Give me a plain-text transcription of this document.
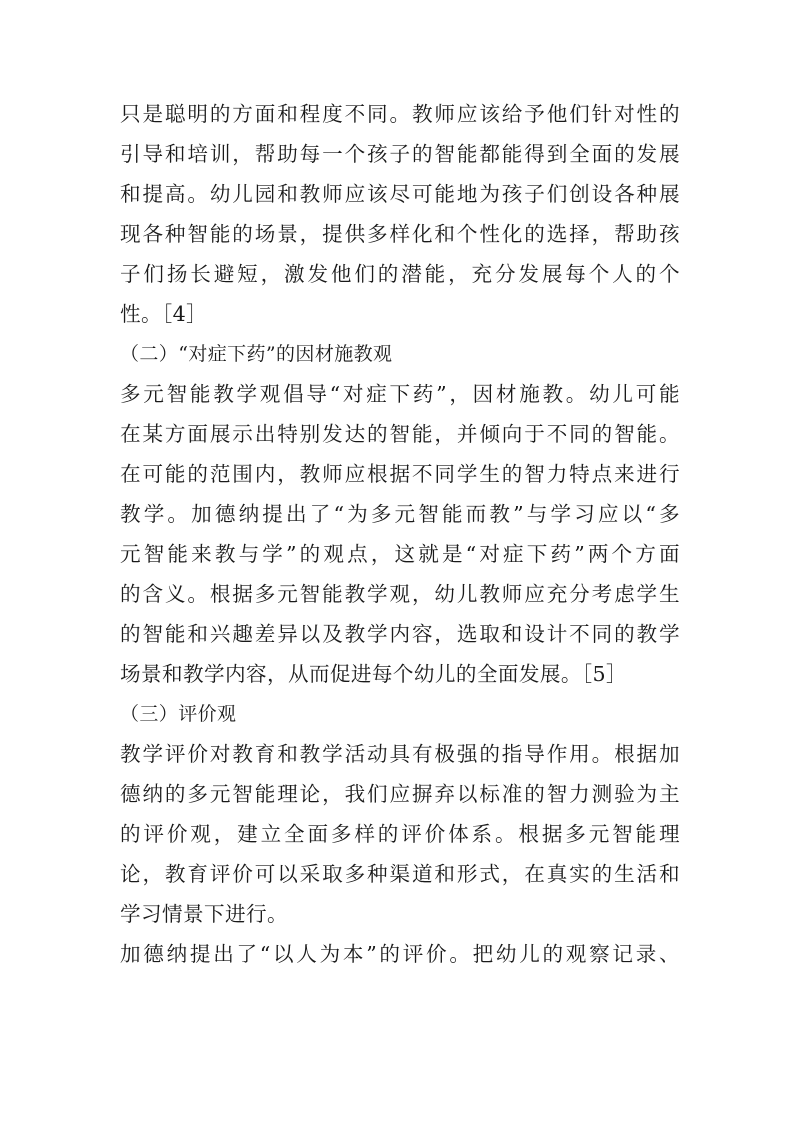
只是聪明的方面和程度不同。教师应该给予他们针对性的
引导和培训，帮助每一个孩子的智能都能得到全面的发展
和提高。幼儿园和教师应该尽可能地为孩子们创设各种展
现各种智能的场景，提供多样化和个性化的选择，帮助孩
子们扬长避短，激发他们的潜能，充分发展每个人的个
性。［4］
（二）“对症下药”的因材施教观
多元智能教学观倡导“对症下药”，因材施教。幼儿可能
在某方面展示出特别发达的智能，并倾向于不同的智能。
在可能的范围内，教师应根据不同学生的智力特点来进行
教学。加德纳提出了“为多元智能而教”与学习应以“多
元智能来教与学”的观点，这就是“对症下药”两个方面
的含义。根据多元智能教学观，幼儿教师应充分考虑学生
的智能和兴趣差异以及教学内容，选取和设计不同的教学
场景和教学内容，从而促进每个幼儿的全面发展。［5］
（三）评价观
教学评价对教育和教学活动具有极强的指导作用。根据加
德纳的多元智能理论，我们应摒弃以标准的智力测验为主
的评价观，建立全面多样的评价体系。根据多元智能理
论，教育评价可以采取多种渠道和形式，在真实的生活和
学习情景下进行。
加德纳提出了“以人为本”的评价。把幼儿的观察记录、
